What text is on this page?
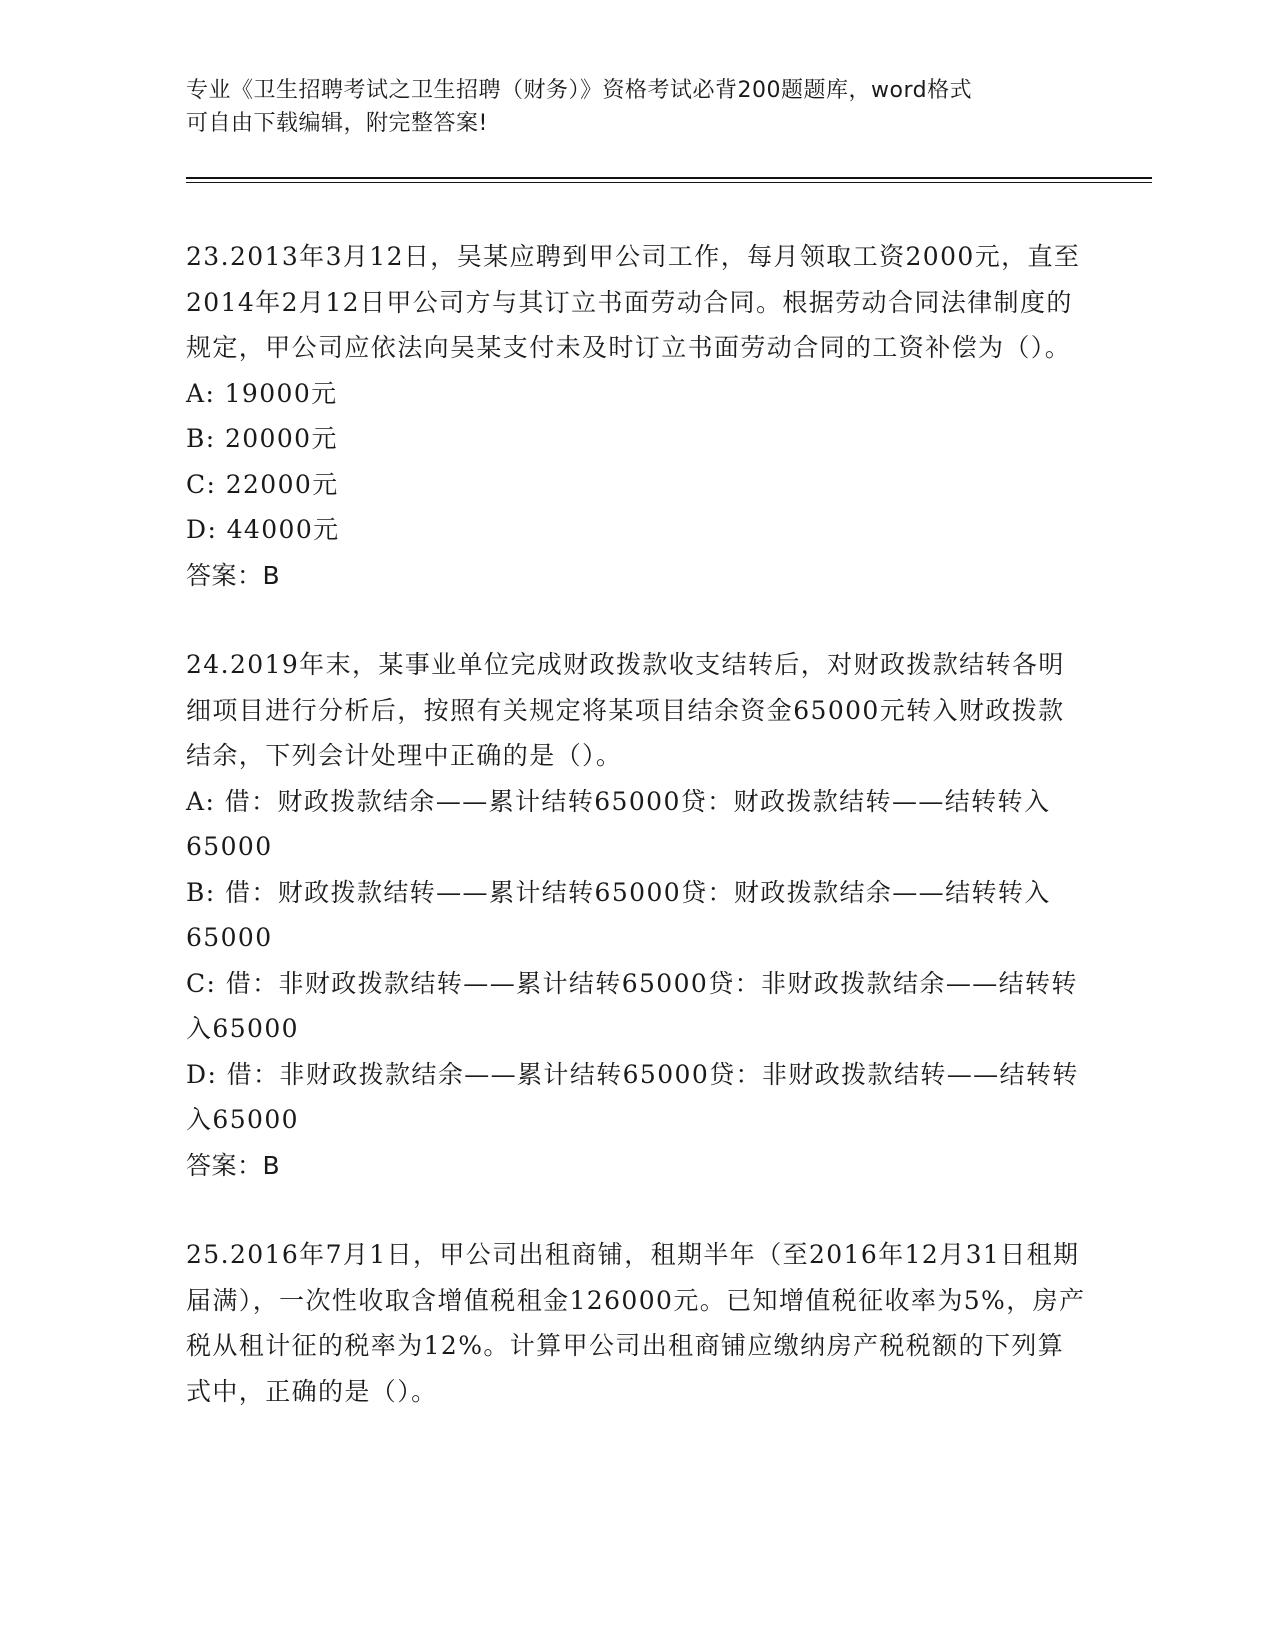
专业《卫生招聘考试之卫生招聘（财务）》资格考试必背200题题库，word格式
可自由下载编辑，附完整答案!

23.2013年3月12日，吴某应聘到甲公司工作，每月领取工资2000元，直至2014年2月12日甲公司方与其订立书面劳动合同。根据劳动合同法律制度的规定，甲公司应依法向吴某支付未及时订立书面劳动合同的工资补偿为（）。

A: 19000元

B: 20000元

C: 22000元

D: 44000元

答案：B

24.2019年末，某事业单位完成财政拨款收支结转后，对财政拨款结转各明细项目进行分析后，按照有关规定将某项目结余资金65000元转入财政拨款结余，下列会计处理中正确的是（）。

A: 借：财政拨款结余——累计结转65000贷：财政拨款结转——结转转入65000

B: 借：财政拨款结转——累计结转65000贷：财政拨款结余——结转转入65000

C: 借：非财政拨款结转——累计结转65000贷：非财政拨款结余——结转转入65000

D: 借：非财政拨款结余——累计结转65000贷：非财政拨款结转——结转转入65000

答案：B

25.2016年7月1日，甲公司出租商铺，租期半年（至2016年12月31日租期届满），一次性收取含增值税租金126000元。已知增值税征收率为5%，房产税从租计征的税率为12%。计算甲公司出租商铺应缴纳房产税税额的下列算式中，正确的是（）。
